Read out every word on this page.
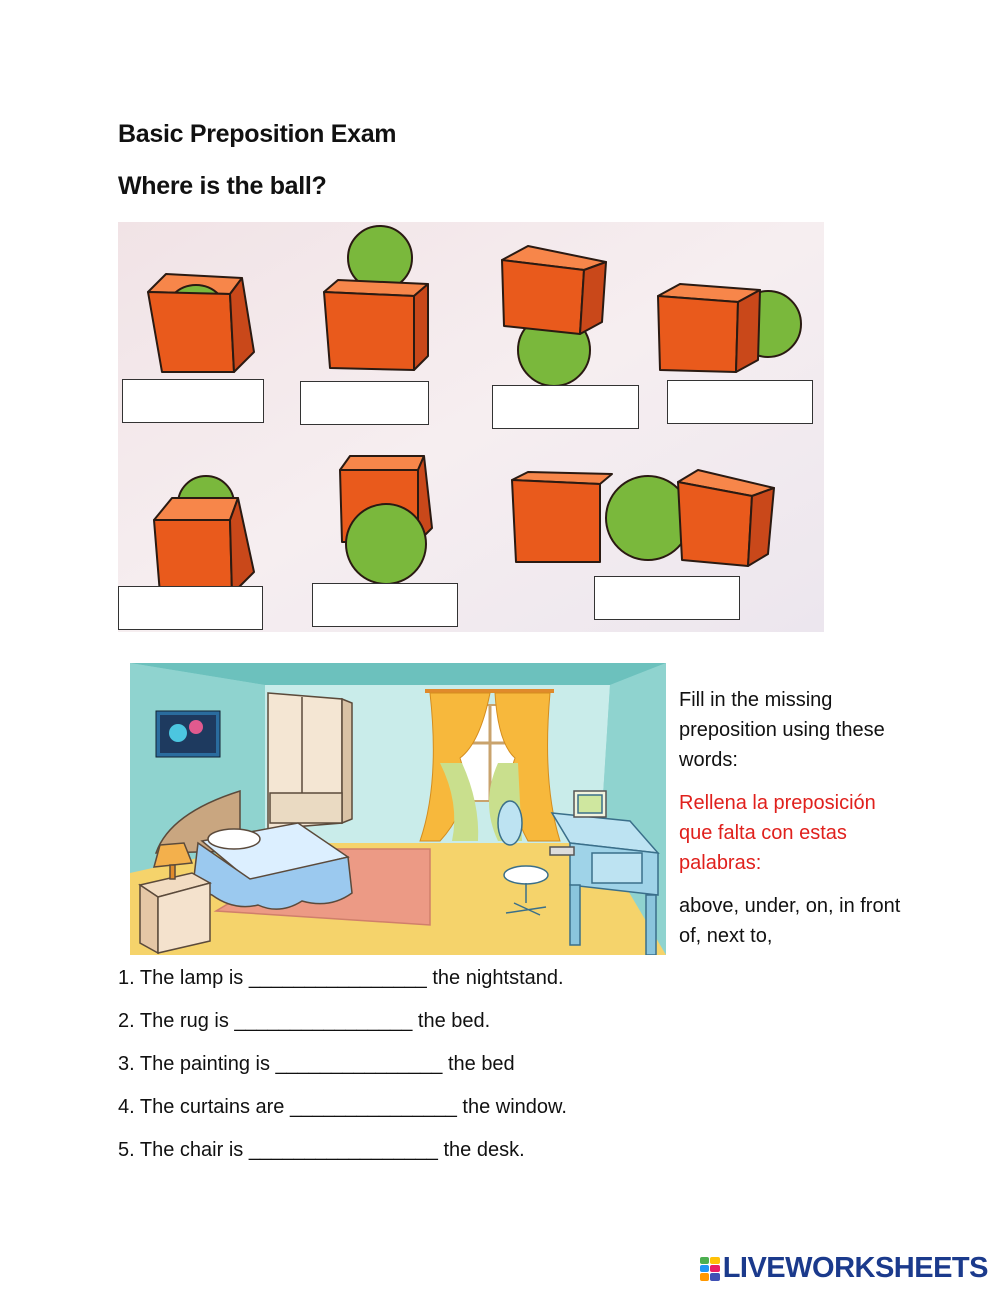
Basic Preposition Exam
Where is the ball?

Fill in the missing preposition using these words:

Rellena la preposición que falta con estas palabras:

above, under, on, in front of, next to,

1. The lamp is ________________ the nightstand.
2. The rug is ________________ the bed.
3. The painting is _______________ the bed
4. The curtains are _______________ the window.
5. The chair is _________________ the desk.
LIVEWORKSHEETS
